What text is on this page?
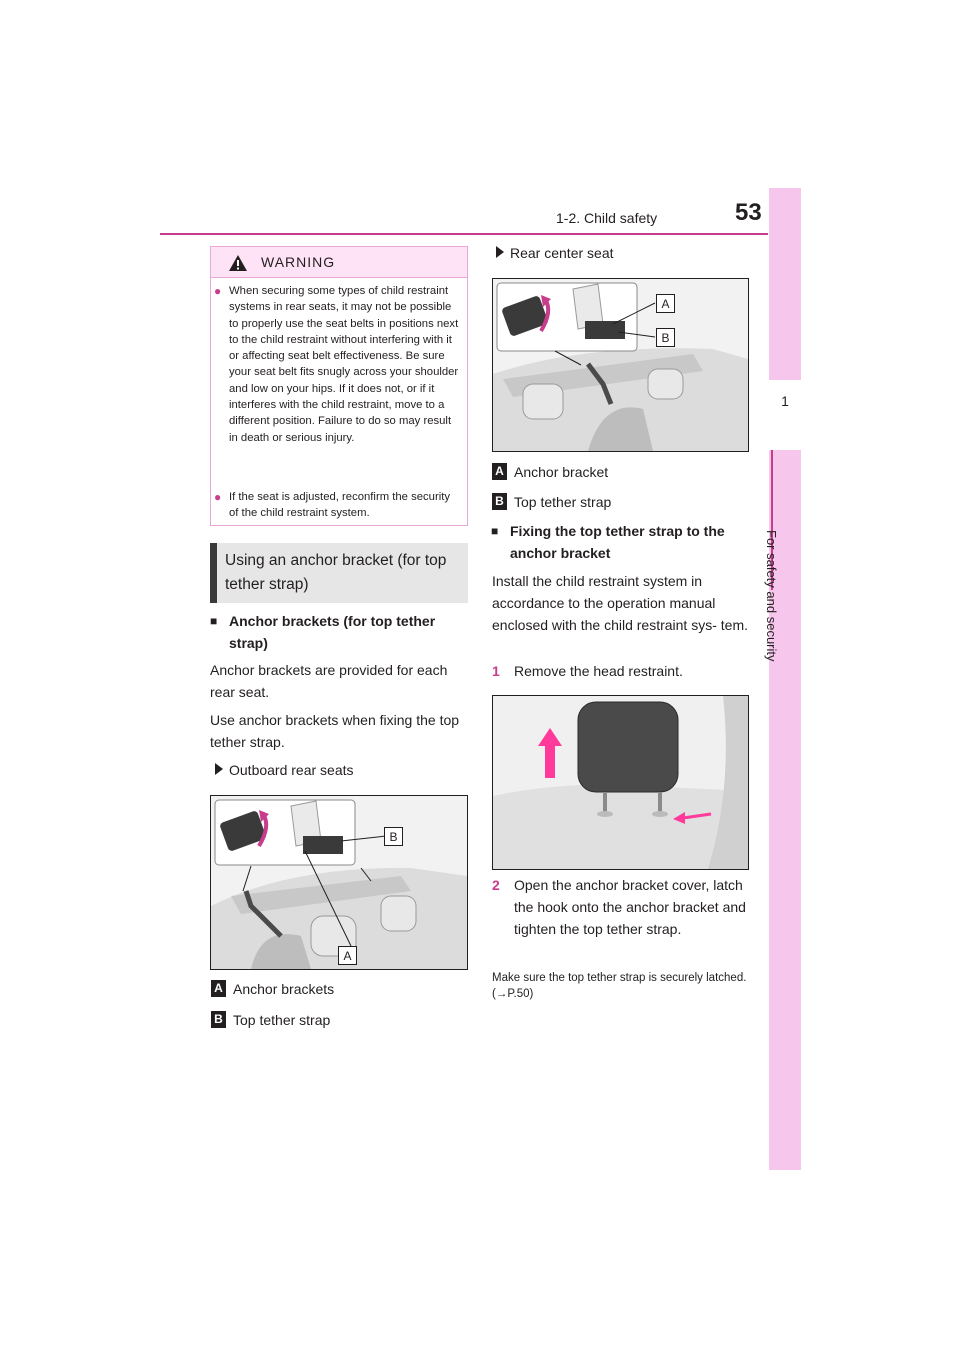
1-2. Child safety	53
1
For safety and security
WARNING
● When securing some types of child restraint systems in rear seats, it may not be possible to properly use the seat belts in positions next to the child restraint without interfering with it or affecting seat belt effectiveness. Be sure your seat belt fits snugly across your shoulder and low on your hips. If it does not, or if it interferes with the child restraint, move to a different position. Failure to do so may result in death or serious injury.
● If the seat is adjusted, reconfirm the security of the child restraint system.
Using an anchor bracket (for top tether strap)
■ Anchor brackets (for top tether strap)
Anchor brackets are provided for each rear seat.
Use anchor brackets when fixing the top tether strap.
Outboard rear seats
B
A
A Anchor brackets
B Top tether strap
Rear center seat
A
B
A Anchor bracket
B Top tether strap
■ Fixing the top tether strap to the anchor bracket
Install the child restraint system in accordance to the operation manual enclosed with the child restraint sys- tem.
1 Remove the head restraint.
2 Open the anchor bracket cover, latch the hook onto the anchor bracket and tighten the top tether strap.
Make sure the top tether strap is securely latched. (→P.50)
